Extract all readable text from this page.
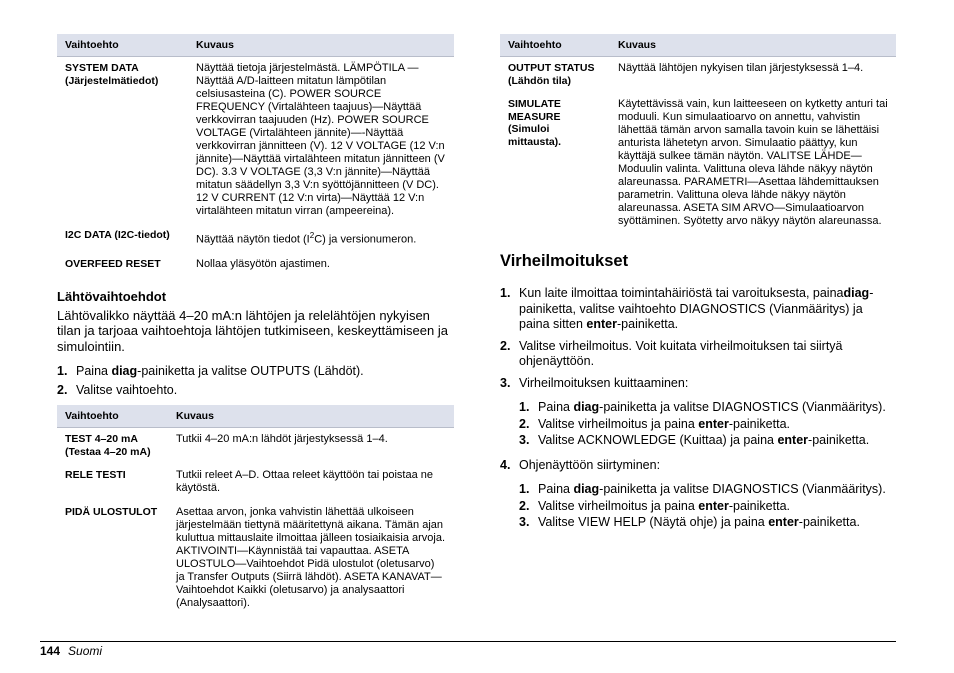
Vaihtoehto	Kuvaus
SYSTEM DATA (Järjestelmätiedot)	Näyttää tietoja järjestelmästä. LÄMPÖTILA — Näyttää A/D-laitteen mitatun lämpötilan celsiusasteina (C). POWER SOURCE FREQUENCY (Virtalähteen taajuus)—Näyttää verkkovirran taajuuden (Hz). POWER SOURCE VOLTAGE (Virtalähteen jännite)—-Näyttää verkkovirran jännitteen (V). 12 V VOLTAGE (12 V:n jännite)—Näyttää virtalähteen mitatun jännitteen (V DC). 3.3 V VOLTAGE (3,3 V:n jännite)—Näyttää mitatun säädellyn 3,3 V:n syöttöjännitteen (V DC). 12 V CURRENT (12 V:n virta)—Näyttää 12 V:n virtalähteen mitatun virran (ampeereina).
I2C DATA (I2C-tiedot)	Näyttää näytön tiedot $(I^2C)$ ja versionumeron.
OVERFEED RESET	Nollaa yläsyötön ajastimen.
Lähtövaihtoehdot

Lähtövalikko näyttää 4–20 mA:n lähtöjen ja relelähtöjen nykyisen tilan ja tarjoaa vaihtoehtoja lähtöjen tutkimiseen, keskeyttämiseen ja simulointiin.

1. Paina diag-painiketta ja valitse OUTPUTS (Lähdöt).
2. Valitse vaihtoehto.
Vaihtoehto	Kuvaus
TEST 4–20 mA (Testaa 4–20 mA)	Tutkii 4–20 mA:n lähdöt järjestyksessä 1–4.
RELE TESTI	Tutkii releet A–D. Ottaa releet käyttöön tai poistaa ne käytöstä.
PIDÄ ULOSTULOT	Asettaa arvon, jonka vahvistin lähettää ulkoiseen järjestelmään tiettynä määritettynä aikana. Tämän ajan kuluttua mittauslaite ilmoittaa jälleen tosiaikaisia arvoja. AKTIVOINTI—Käynnistää tai vapauttaa. ASETA ULOSTULO—Vaihtoehdot Pidä ulostulot (oletusarvo) ja Transfer Outputs (Siirrä lähdöt). ASETA KANAVAT—Vaihtoehdot Kaikki (oletusarvo) ja analysaattori (Analysaattori).
Vaihtoehto	Kuvaus
OUTPUT STATUS (Lähdön tila)	Näyttää lähtöjen nykyisen tilan järjestyksessä 1–4.
SIMULATE MEASURE (Simuloi mittausta).	Käytettävissä vain, kun laitteeseen on kytketty anturi tai moduuli. Kun simulaatioarvo on annettu, vahvistin lähettää tämän arvon samalla tavoin kuin se lähettäisi anturista lähetetyn arvon. Simulaatio päättyy, kun käyttäjä sulkee tämän näytön. VALITSE LÄHDE—Moduulin valinta. Valittuna oleva lähde näkyy näytön alareunassa. PARAMETRI—Asettaa lähdemittauksen parametrin. Valittuna oleva lähde näkyy näytön alareunassa. ASETA SIM ARVO—Simulaatioarvon syöttäminen. Syötetty arvo näkyy näytön alareunassa.
Virheilmoitukset
1. Kun laite ilmoittaa toimintahäiriöstä tai varoituksesta, painadiag-painiketta, valitse vaihtoehto DIAGNOSTICS (Vianmääritys) ja paina sitten enter-painiketta.
2. Valitse virheilmoitus. Voit kuitata virheilmoituksen tai siirtyä ohjenäyttöön.
3. Virheilmoituksen kuittaaminen:
1. Paina diag-painiketta ja valitse DIAGNOSTICS (Vianmääritys).
2. Valitse virheilmoitus ja paina enter-painiketta.
3. Valitse ACKNOWLEDGE (Kuittaa) ja paina enter-painiketta.
4. Ohjenäyttöön siirtyminen:
1. Paina diag-painiketta ja valitse DIAGNOSTICS (Vianmääritys).
2. Valitse virheilmoitus ja paina enter-painiketta.
3. Valitse VIEW HELP (Näytä ohje) ja paina enter-painiketta.
144 Suomi
